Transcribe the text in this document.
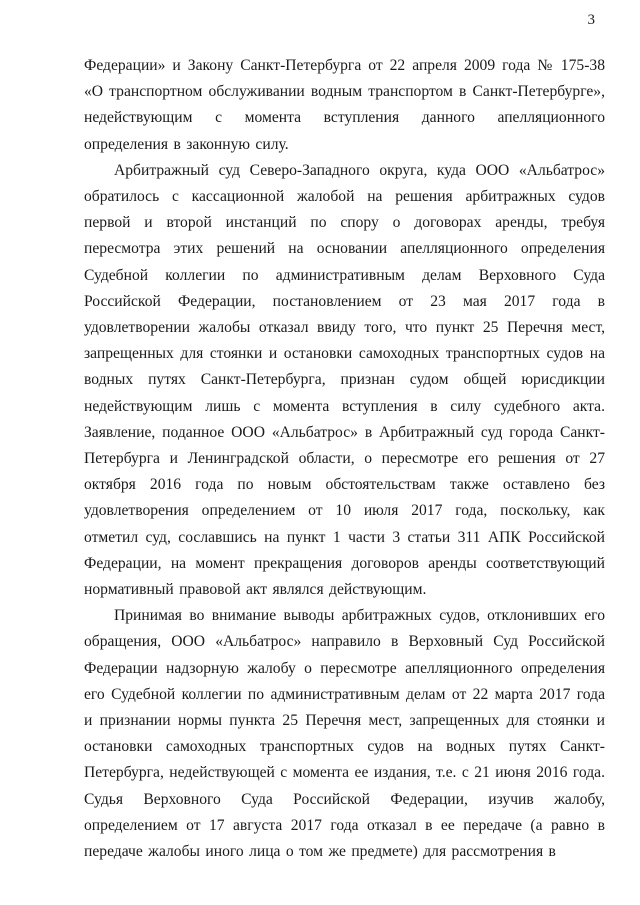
3

Федерации» и Закону Санкт-Петербурга от 22 апреля 2009 года № 175-38 «О транспортном обслуживании водным транспортом в Санкт-Петербурге», недействующим с момента вступления данного апелляционного определения в законную силу.

Арбитражный суд Северо-Западного округа, куда ООО «Альбатрос» обратилось с кассационной жалобой на решения арбитражных судов первой и второй инстанций по спору о договорах аренды, требуя пересмотра этих решений на основании апелляционного определения Судебной коллегии по административным делам Верховного Суда Российской Федерации, постановлением от 23 мая 2017 года в удовлетворении жалобы отказал ввиду того, что пункт 25 Перечня мест, запрещенных для стоянки и остановки самоходных транспортных судов на водных путях Санкт-Петербурга, признан судом общей юрисдикции недействующим лишь с момента вступления в силу судебного акта. Заявление, поданное ООО «Альбатрос» в Арбитражный суд города Санкт-Петербурга и Ленинградской области, о пересмотре его решения от 27 октября 2016 года по новым обстоятельствам также оставлено без удовлетворения определением от 10 июля 2017 года, поскольку, как отметил суд, сославшись на пункт 1 части 3 статьи 311 АПК Российской Федерации, на момент прекращения договоров аренды соответствующий нормативный правовой акт являлся действующим.

Принимая во внимание выводы арбитражных судов, отклонивших его обращения, ООО «Альбатрос» направило в Верховный Суд Российской Федерации надзорную жалобу о пересмотре апелляционного определения его Судебной коллегии по административным делам от 22 марта 2017 года и признании нормы пункта 25 Перечня мест, запрещенных для стоянки и остановки самоходных транспортных судов на водных путях Санкт-Петербурга, недействующей с момента ее издания, т.е. с 21 июня 2016 года. Судья Верховного Суда Российской Федерации, изучив жалобу, определением от 17 августа 2017 года отказал в ее передаче (а равно в передаче жалобы иного лица о том же предмете) для рассмотрения в
